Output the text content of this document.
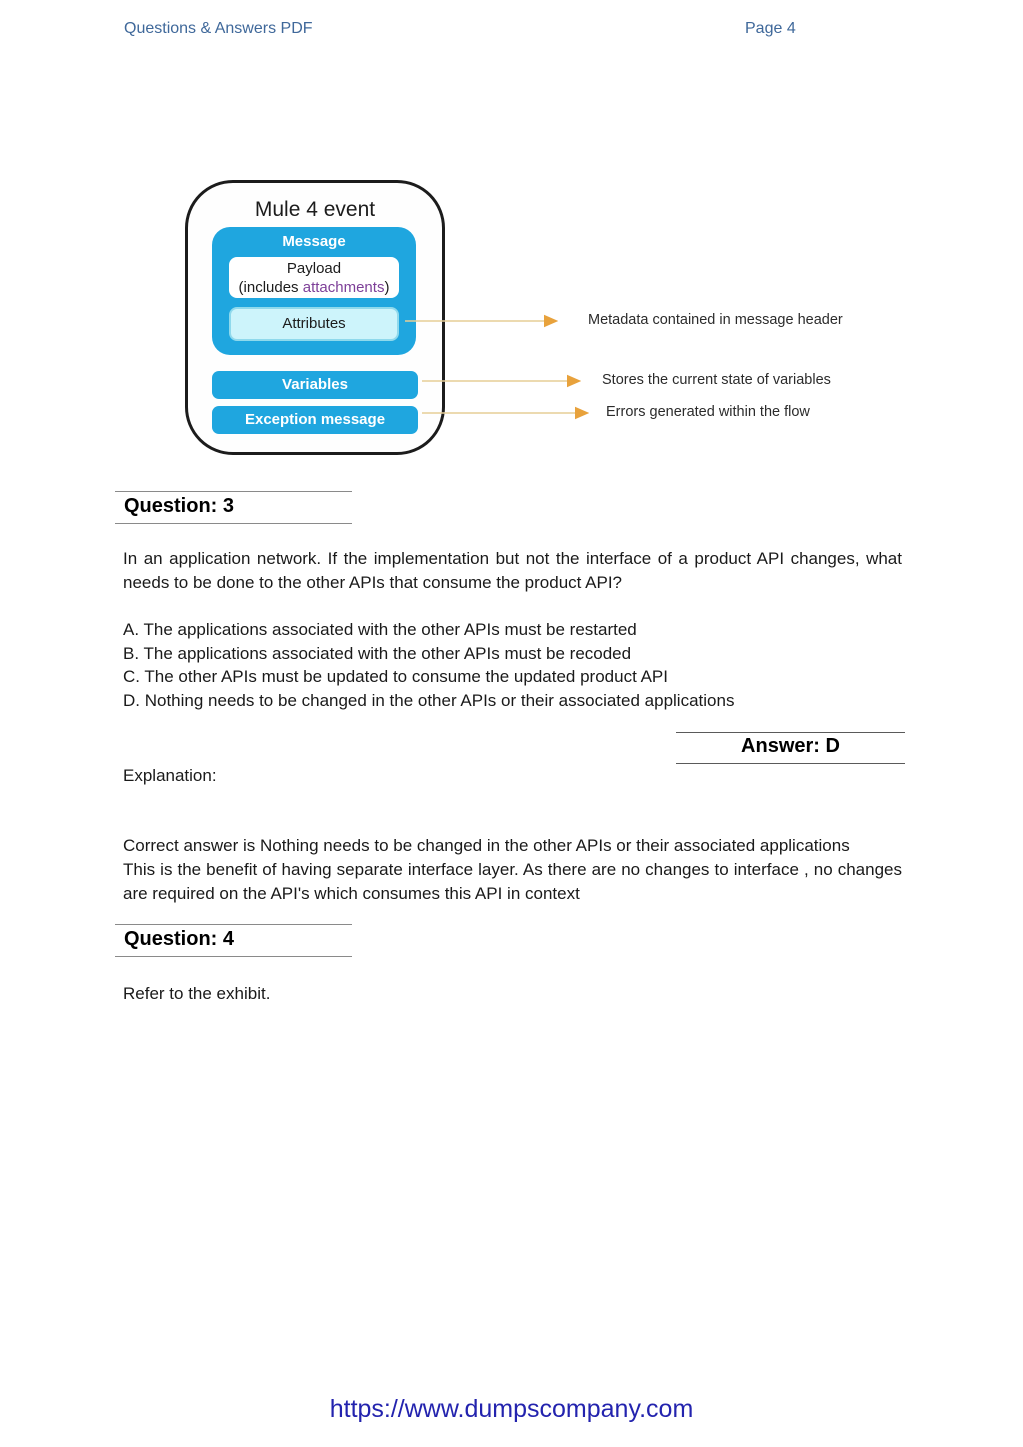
Questions & Answers PDF	Page 4
Mule 4 event
Message
Payload
(includes attachments)
Attributes
Variables
Exception message
Metadata contained in message header
Stores the current state of variables
Errors generated within the flow
Question: 3
In an application network. If the implementation but not the interface of a product API changes, what needs to be done to the other APIs that consume the product API?

A. The applications associated with the other APIs must be restarted

B. The applications associated with the other APIs must be recoded

C. The other APIs must be updated to consume the updated product API

D. Nothing needs to be changed in the other APIs or their associated applications

Answer: D
Explanation:
Correct answer is Nothing needs to be changed in the other APIs or their associated applications
This is the benefit of having separate interface layer. As there are no changes to interface , no changes are required on the API's which consumes this API in context
Question: 4
Refer to the exhibit.
https://www.dumpscompany.com
